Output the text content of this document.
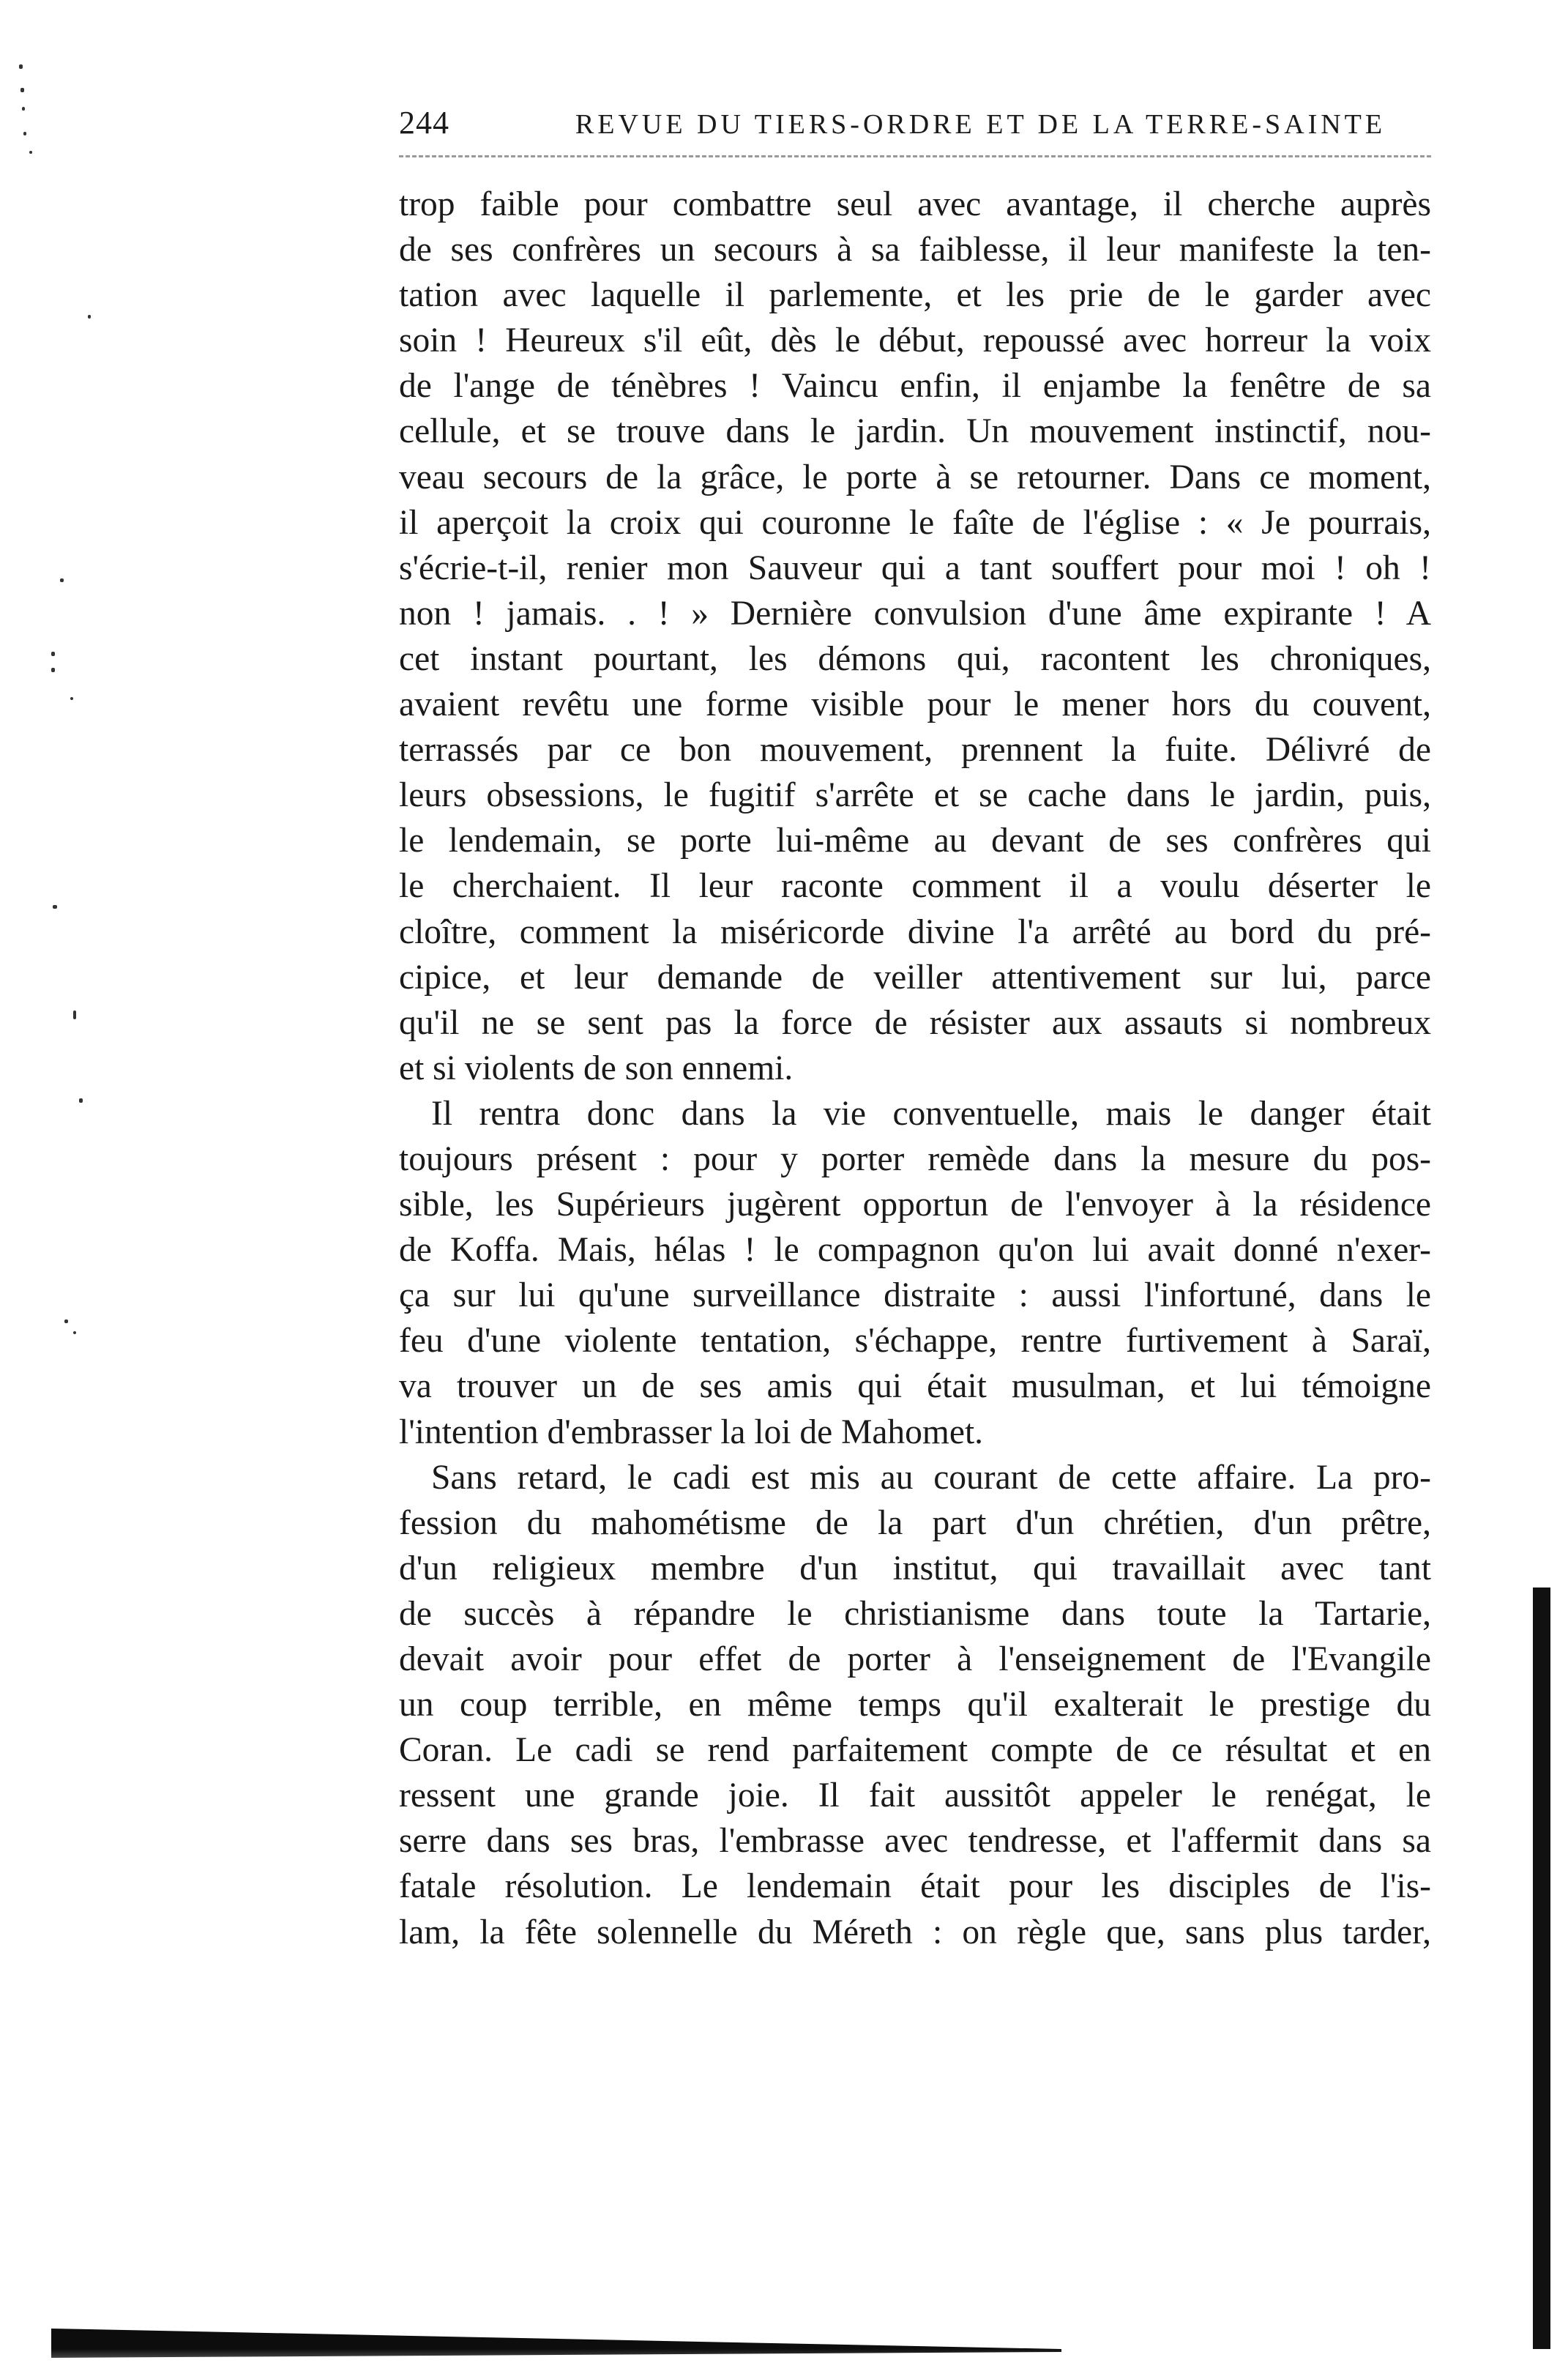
244	REVUE DU TIERS-ORDRE ET DE LA TERRE-SAINTE
trop faible pour combattre seul avec avantage, il cherche auprès
de ses confrères un secours à sa faiblesse, il leur manifeste la ten-
tation avec laquelle il parlemente, et les prie de le garder avec
soin ! Heureux s'il eût, dès le début, repoussé avec horreur la voix
de l'ange de ténèbres ! Vaincu enfin, il enjambe la fenêtre de sa
cellule, et se trouve dans le jardin. Un mouvement instinctif, nou-
veau secours de la grâce, le porte à se retourner. Dans ce moment,
il aperçoit la croix qui couronne le faîte de l'église : « Je pourrais,
s'écrie-t-il, renier mon Sauveur qui a tant souffert pour moi ! oh !
non ! jamais. . ! » Dernière convulsion d'une âme expirante ! A
cet instant pourtant, les démons qui, racontent les chroniques,
avaient revêtu une forme visible pour le mener hors du couvent,
terrassés par ce bon mouvement, prennent la fuite. Délivré de
leurs obsessions, le fugitif s'arrête et se cache dans le jardin, puis,
le lendemain, se porte lui-même au devant de ses confrères qui
le cherchaient. Il leur raconte comment il a voulu déserter le
cloître, comment la miséricorde divine l'a arrêté au bord du pré-
cipice, et leur demande de veiller attentivement sur lui, parce
qu'il ne se sent pas la force de résister aux assauts si nombreux
et si violents de son ennemi.
Il rentra donc dans la vie conventuelle, mais le danger était
toujours présent : pour y porter remède dans la mesure du pos-
sible, les Supérieurs jugèrent opportun de l'envoyer à la résidence
de Koffa. Mais, hélas ! le compagnon qu'on lui avait donné n'exer-
ça sur lui qu'une surveillance distraite : aussi l'infortuné, dans le
feu d'une violente tentation, s'échappe, rentre furtivement à Saraï,
va trouver un de ses amis qui était musulman, et lui témoigne
l'intention d'embrasser la loi de Mahomet.
Sans retard, le cadi est mis au courant de cette affaire. La pro-
fession du mahométisme de la part d'un chrétien, d'un prêtre,
d'un religieux membre d'un institut, qui travaillait avec tant
de succès à répandre le christianisme dans toute la Tartarie,
devait avoir pour effet de porter à l'enseignement de l'Evangile
un coup terrible, en même temps qu'il exalterait le prestige du
Coran. Le cadi se rend parfaitement compte de ce résultat et en
ressent une grande joie. Il fait aussitôt appeler le renégat, le
serre dans ses bras, l'embrasse avec tendresse, et l'affermit dans sa
fatale résolution. Le lendemain était pour les disciples de l'is-
lam, la fête solennelle du Méreth : on règle que, sans plus tarder,
